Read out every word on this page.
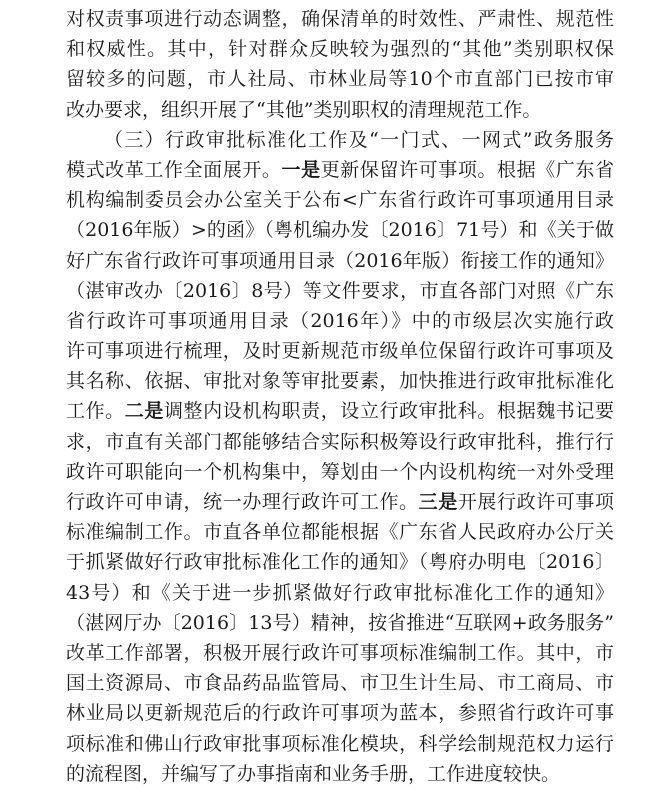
对权责事项进行动态调整，确保清单的时效性、严肃性、规范性
和权威性。其中，针对群众反映较为强烈的“其他”类别职权保
留较多的问题，市人社局、市林业局等10个市直部门已按市审
改办要求，组织开展了“其他”类别职权的清理规范工作。
（三）行政审批标准化工作及“一门式、一网式”政务服务
模式改革工作全面展开。一是更新保留许可事项。根据《广东省
机构编制委员会办公室关于公布<广东省行政许可事项通用目录
（2016年版）>的函》（粤机编办发〔2016〕71号）和《关于做
好广东省行政许可事项通用目录（2016年版）衔接工作的通知》
（湛审改办〔2016〕8号）等文件要求，市直各部门对照《广东
省行政许可事项通用目录（2016年）》中的市级层次实施行政
许可事项进行梳理，及时更新规范市级单位保留行政许可事项及
其名称、依据、审批对象等审批要素，加快推进行政审批标准化
工作。二是调整内设机构职责，设立行政审批科。根据魏书记要
求，市直有关部门都能够结合实际积极筹设行政审批科，推行行
政许可职能向一个机构集中，筹划由一个内设机构统一对外受理
行政许可申请，统一办理行政许可工作。三是开展行政许可事项
标准编制工作。市直各单位都能根据《广东省人民政府办公厅关
于抓紧做好行政审批标准化工作的通知》（粤府办明电〔2016〕
43号）和《关于进一步抓紧做好行政审批标准化工作的通知》
（湛网厅办〔2016〕13号）精神，按省推进“互联网+政务服务”
改革工作部署，积极开展行政许可事项标准编制工作。其中，市
国土资源局、市食品药品监管局、市卫生计生局、市工商局、市
林业局以更新规范后的行政许可事项为蓝本，参照省行政许可事
项标准和佛山行政审批事项标准化模块，科学绘制规范权力运行
的流程图，并编写了办事指南和业务手册，工作进度较快。
